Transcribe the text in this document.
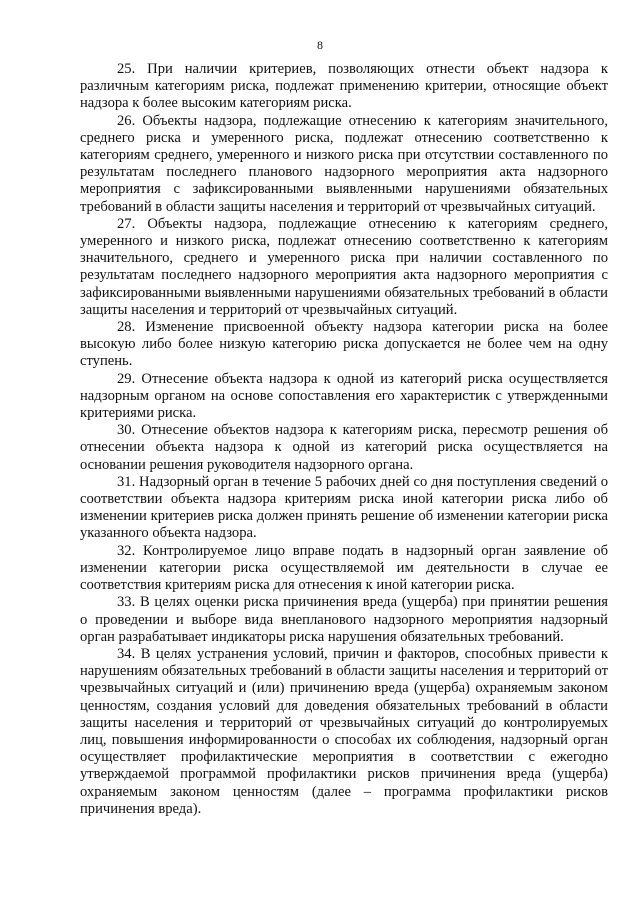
8

25. При наличии критериев, позволяющих отнести объект надзора к различным категориям риска, подлежат применению критерии, относящие объект надзора к более высоким категориям риска.

26. Объекты надзора, подлежащие отнесению к категориям значительного, среднего риска и умеренного риска, подлежат отнесению соответственно к категориям среднего, умеренного и низкого риска при отсутствии составленного по результатам последнего планового надзорного мероприятия акта надзорного мероприятия с зафиксированными выявленными нарушениями обязательных требований в области защиты населения и территорий от чрезвычайных ситуаций.

27. Объекты надзора, подлежащие отнесению к категориям среднего, умеренного и низкого риска, подлежат отнесению соответственно к категориям значительного, среднего и умеренного риска при наличии составленного по результатам последнего надзорного мероприятия акта надзорного мероприятия с зафиксированными выявленными нарушениями обязательных требований в области защиты населения и территорий от чрезвычайных ситуаций.

28. Изменение присвоенной объекту надзора категории риска на более высокую либо более низкую категорию риска допускается не более чем на одну ступень.

29. Отнесение объекта надзора к одной из категорий риска осуществляется надзорным органом на основе сопоставления его характеристик с утвержденными критериями риска.

30. Отнесение объектов надзора к категориям риска, пересмотр решения об отнесении объекта надзора к одной из категорий риска осуществляется на основании решения руководителя надзорного органа.

31. Надзорный орган в течение 5 рабочих дней со дня поступления сведений о соответствии объекта надзора критериям риска иной категории риска либо об изменении критериев риска должен принять решение об изменении категории риска указанного объекта надзора.

32. Контролируемое лицо вправе подать в надзорный орган заявление об изменении категории риска осуществляемой им деятельности в случае ее соответствия критериям риска для отнесения к иной категории риска.

33. В целях оценки риска причинения вреда (ущерба) при принятии решения о проведении и выборе вида внепланового надзорного мероприятия надзорный орган разрабатывает индикаторы риска нарушения обязательных требований.

34. В целях устранения условий, причин и факторов, способных привести к нарушениям обязательных требований в области защиты населения и территорий от чрезвычайных ситуаций и (или) причинению вреда (ущерба) охраняемым законом ценностям, создания условий для доведения обязательных требований в области защиты населения и территорий от чрезвычайных ситуаций до контролируемых лиц, повышения информированности о способах их соблюдения, надзорный орган осуществляет профилактические мероприятия в соответствии с ежегодно утверждаемой программой профилактики рисков причинения вреда (ущерба) охраняемым законом ценностям (далее – программа профилактики рисков причинения вреда).
